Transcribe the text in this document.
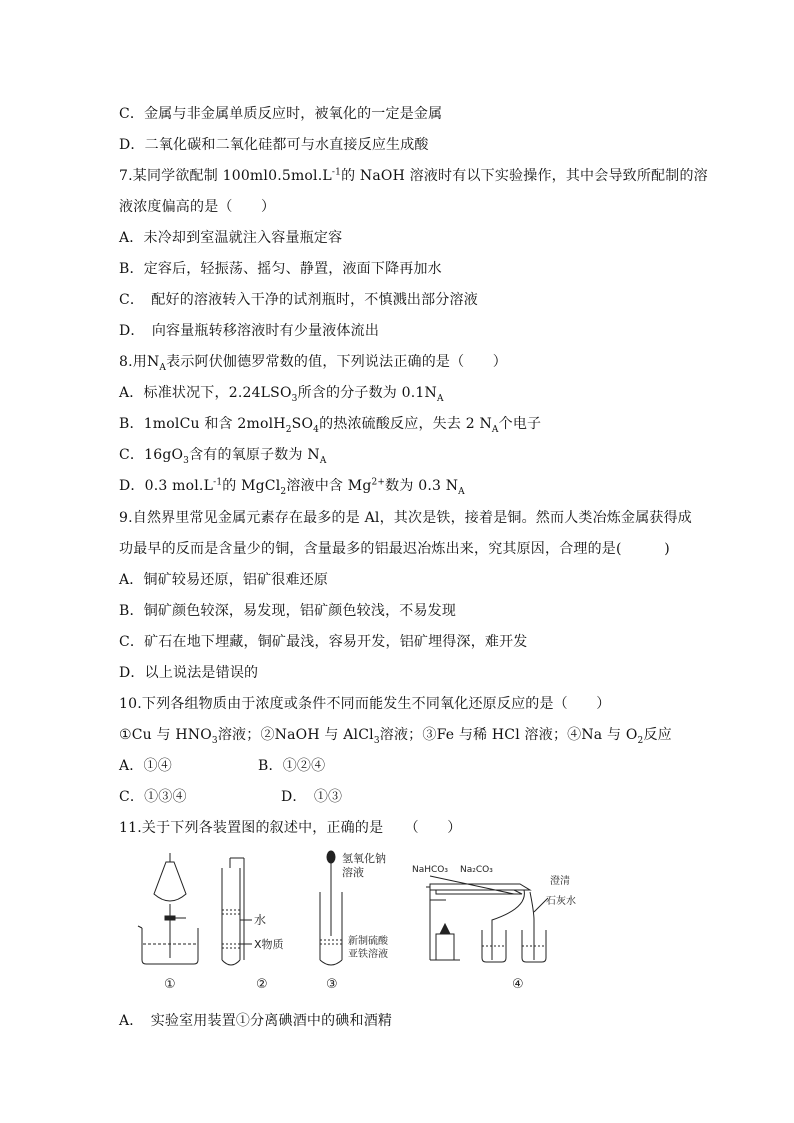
C．金属与非金属单质反应时，被氧化的一定是金属
D．二氧化碳和二氧化硅都可与水直接反应生成酸
7.某同学欲配制 $100ml0.5mol.L^{-1}$的 NaOH 溶液时有以下实验操作，其中会导致所配制的溶
液浓度偏高的是（　　）
A．未冷却到室温就注入容量瓶定容
B．定容后，轻振荡、摇匀、静置，液面下降再加水
C．　配好的溶液转入干净的试剂瓶时，不慎溅出部分溶液
D．　向容量瓶转移溶液时有少量液体流出
8.用$N_A$表示阿伏伽德罗常数的值，下列说法正确的是（　　）
A．标准状况下，$2.24LSO_3$所含的分子数为 $0.1N_A$
B．1molCu 和含 $2molH_2SO_4$的热浓硫酸反应，失去 2 $N_A$个电子
C．$16gO_3$含有的氧原子数为 $N_A$
D．0.3 $mol.L^{-1}$的 MgCl$_2$溶液中含 $Mg^{2+}$数为 0.3 $N_A$
9.自然界里常见金属元素存在最多的是 Al，其次是铁，接着是铜。然而人类冶炼金属获得成
功最早的反而是含量少的铜，含量最多的铝最迟冶炼出来，究其原因，合理的是(　　　)
A．铜矿较易还原，铝矿很难还原
B．铜矿颜色较深，易发现，铝矿颜色较浅，不易发现
C．矿石在地下埋藏，铜矿最浅，容易开发，铝矿埋得深，难开发
D．以上说法是错误的
10.下列各组物质由于浓度或条件不同而能发生不同氧化还原反应的是（　　）
①Cu 与 $HNO_3$溶液；②NaOH 与 AlCl$_3$溶液；③Fe 与稀 HCl 溶液；④Na 与 $O_2$反应
A．①④	B．①②④
C．①③④	D．　①③
11.关于下列各装置图的叙述中，正确的是　　（　　）
①
水
X物质
②
氢氧化钠
溶液
新制硫酸
亚铁溶液
③
NaHCO₃ Na₂CO₃
澄清
石灰水
④
A．　实验室用装置①分离碘酒中的碘和酒精
